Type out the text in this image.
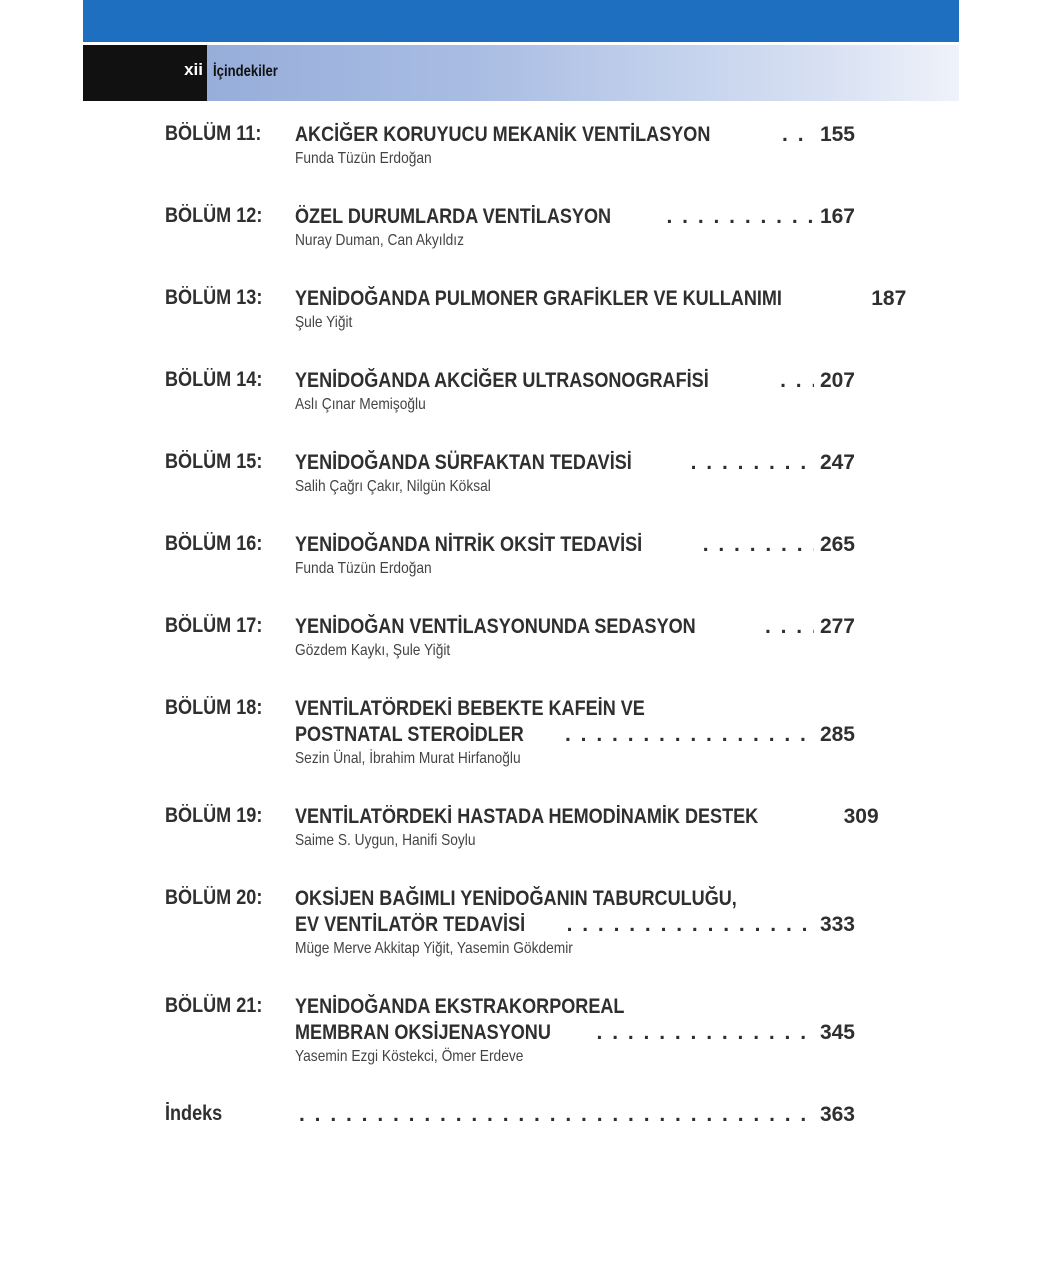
xii İçindekiler
BÖLÜM 11: AKCİĞER KORUYUCU MEKANİK VENTİLASYON . . .	155
Funda Tüzün Erdoğan
BÖLÜM 12: ÖZEL DURUMLARDA VENTİLASYON . . .	167
Nuray Duman, Can Akyıldız
BÖLÜM 13: YENİDOĞANDA PULMONER GRAFİKLER VE KULLANIMI	187
Şule Yiğit
BÖLÜM 14: YENİDOĞANDA AKCİĞER ULTRASONOGRAFİSİ . . .	207
Aslı Çınar Memişoğlu
BÖLÜM 15: YENİDOĞANDA SÜRFAKTAN TEDAVİSİ . . .	247
Salih Çağrı Çakır, Nilgün Köksal
BÖLÜM 16: YENİDOĞANDA NİTRİK OKSİT TEDAVİSİ . . .	265
Funda Tüzün Erdoğan
BÖLÜM 17: YENİDOĞAN VENTİLASYONUNDA SEDASYON . . .	277
Gözdem Kaykı, Şule Yiğit
BÖLÜM 18: VENTİLATÖRDEKİ BEBEKTE KAFEİN VE
POSTNATAL STEROİDLER . . .	285
Sezin Ünal, İbrahim Murat Hirfanoğlu
BÖLÜM 19: VENTİLATÖRDEKİ HASTADA HEMODİNAMİK DESTEK	309
Saime S. Uygun, Hanifi Soylu
BÖLÜM 20: OKSİJEN BAĞIMLI YENİDOĞANIN TABURCULUĞU,
EV VENTİLATÖR TEDAVİSİ . . .	333
Müge Merve Akkitap Yiğit, Yasemin Gökdemir
BÖLÜM 21: YENİDOĞANDA EKSTRAKORPOREAL
MEMBRAN OKSİJENASYONU . . .	345
Yasemin Ezgi Köstekci, Ömer Erdeve
İndeks . . .	363
